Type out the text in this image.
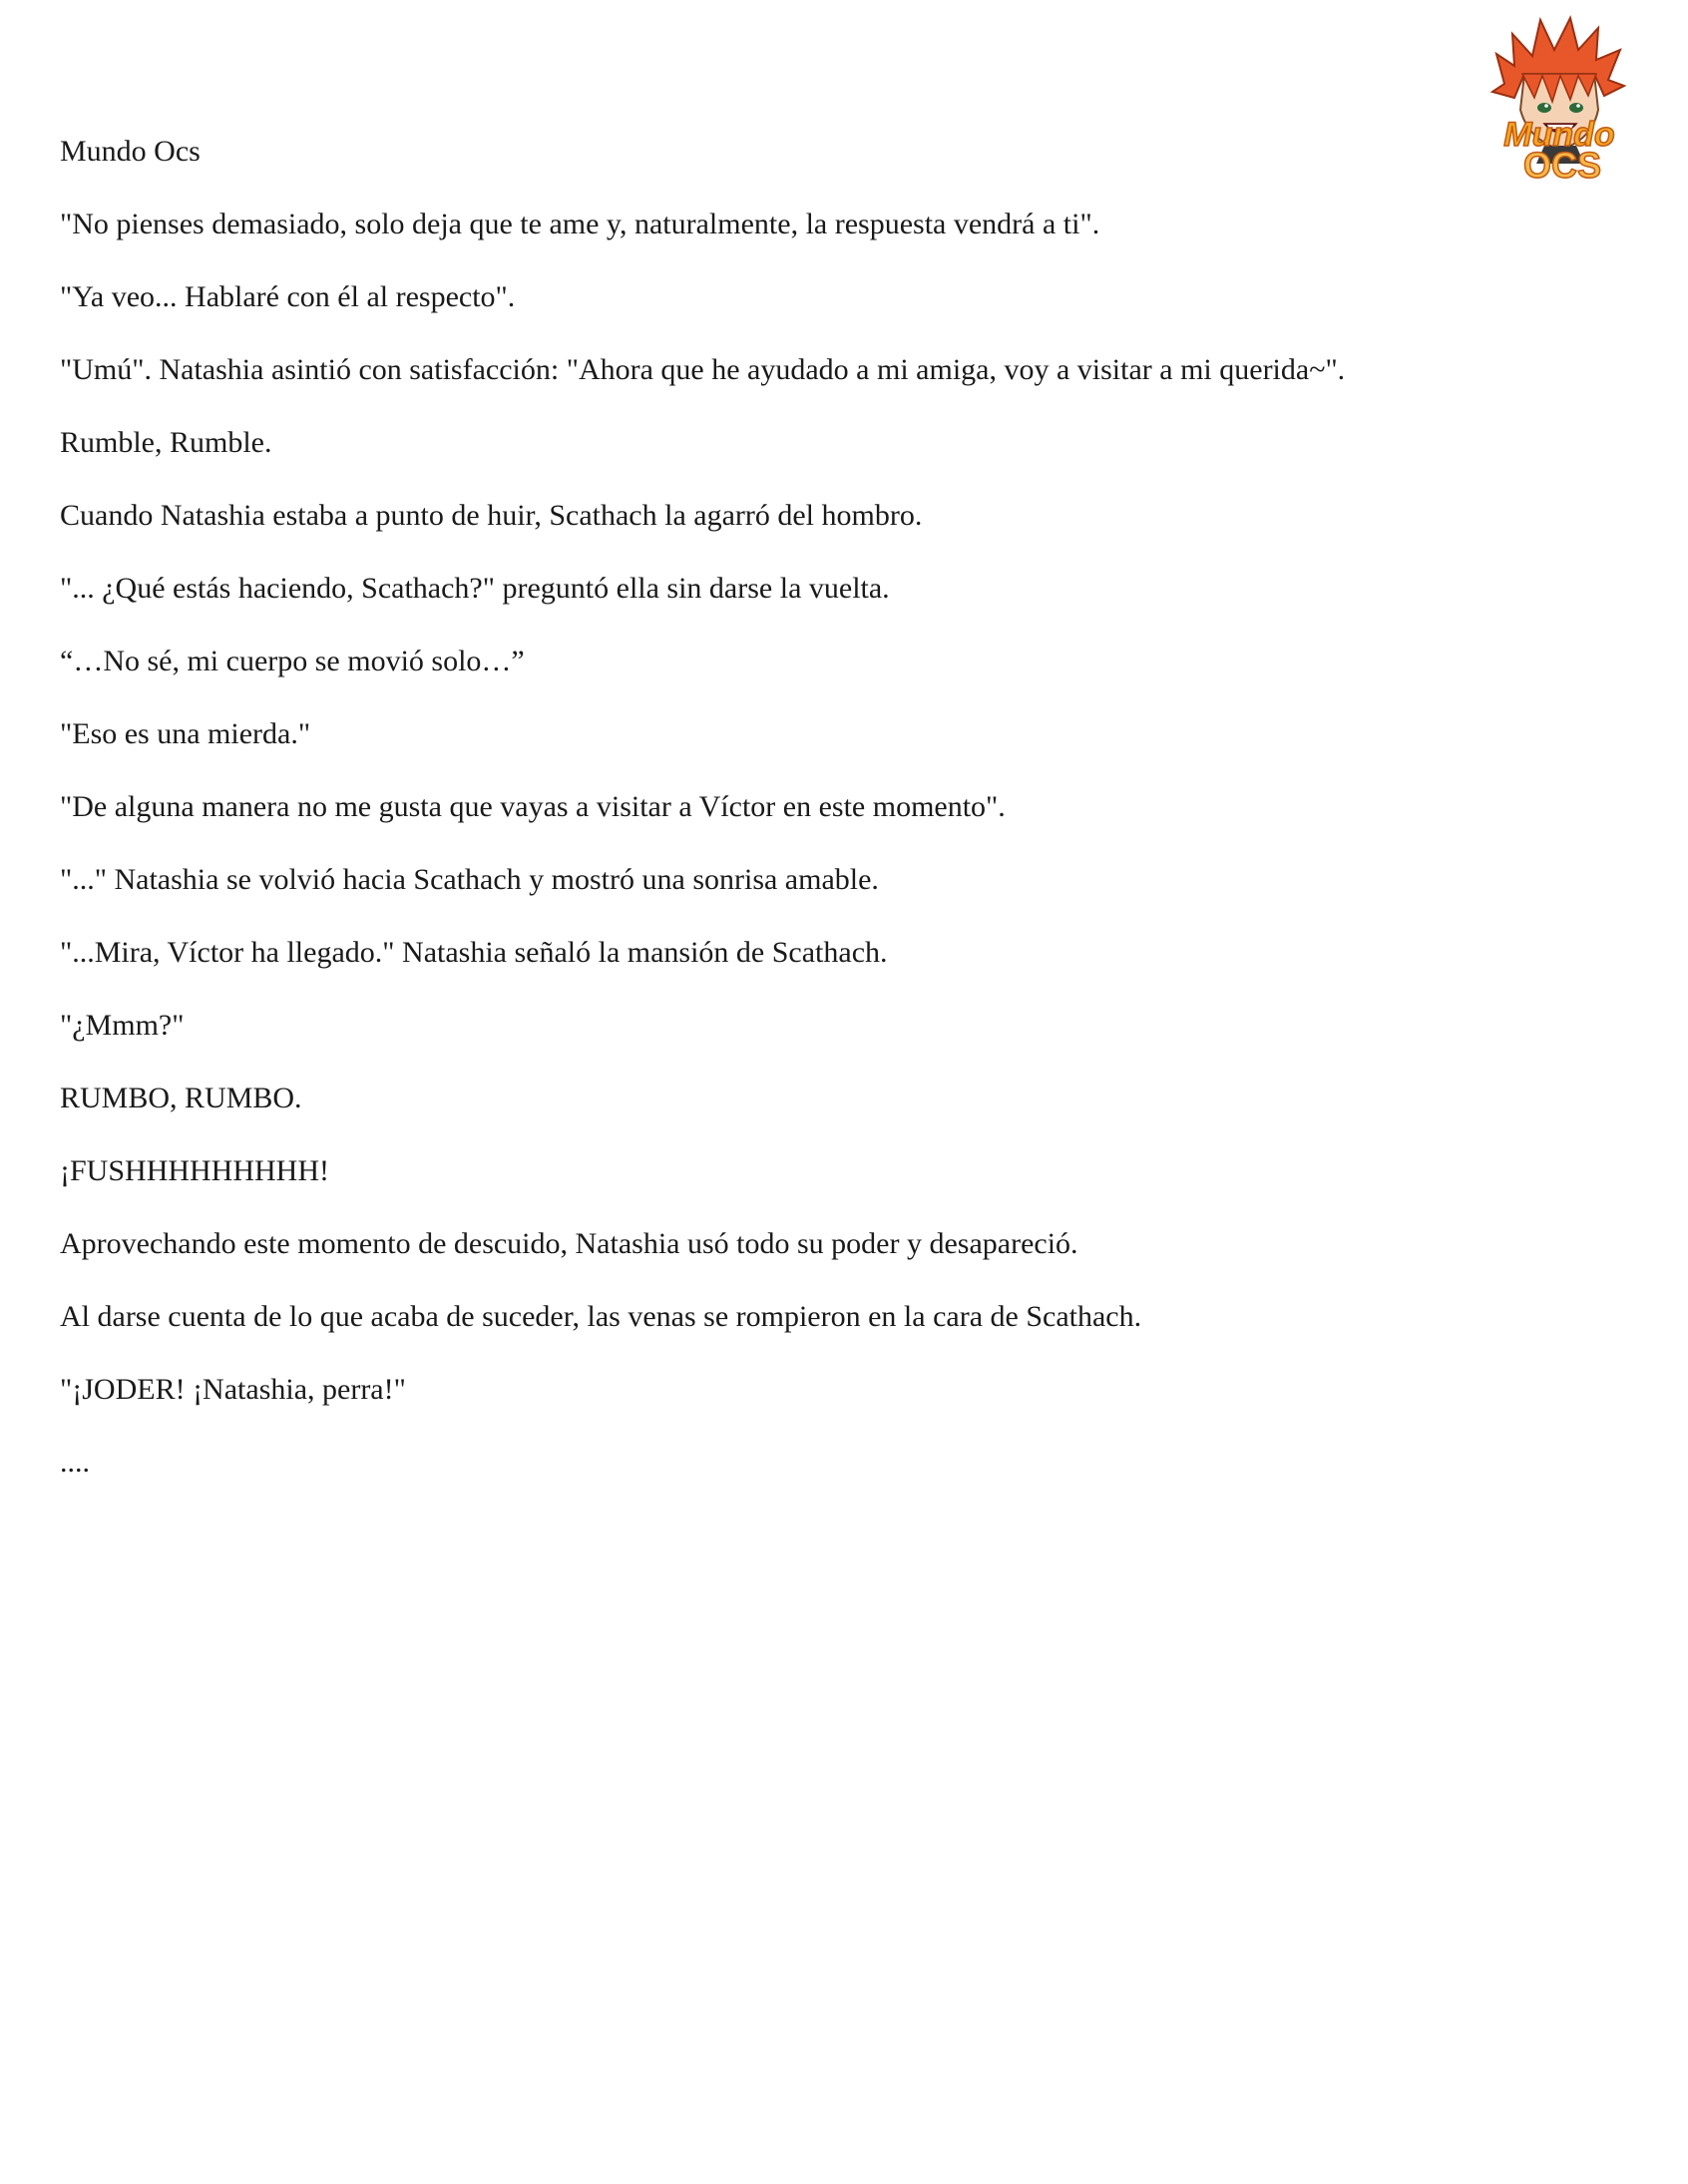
Mundo
OCS
Mundo Ocs

"No pienses demasiado, solo deja que te ame y, naturalmente, la respuesta vendrá a ti".

"Ya veo... Hablaré con él al respecto".

"Umú". Natashia asintió con satisfacción: "Ahora que he ayudado a mi amiga, voy a visitar a mi querida~".

Rumble, Rumble.

Cuando Natashia estaba a punto de huir, Scathach la agarró del hombro.

"... ¿Qué estás haciendo, Scathach?" preguntó ella sin darse la vuelta.

“…No sé, mi cuerpo se movió solo…”

"Eso es una mierda."

"De alguna manera no me gusta que vayas a visitar a Víctor en este momento".

"..." Natashia se volvió hacia Scathach y mostró una sonrisa amable.

"...Mira, Víctor ha llegado." Natashia señaló la mansión de Scathach.

"¿Mmm?"

RUMBO, RUMBO.

¡FUSHHHHHHHHH!

Aprovechando este momento de descuido, Natashia usó todo su poder y desapareció.

Al darse cuenta de lo que acaba de suceder, las venas se rompieron en la cara de Scathach.

"¡JODER! ¡Natashia, perra!"

....
